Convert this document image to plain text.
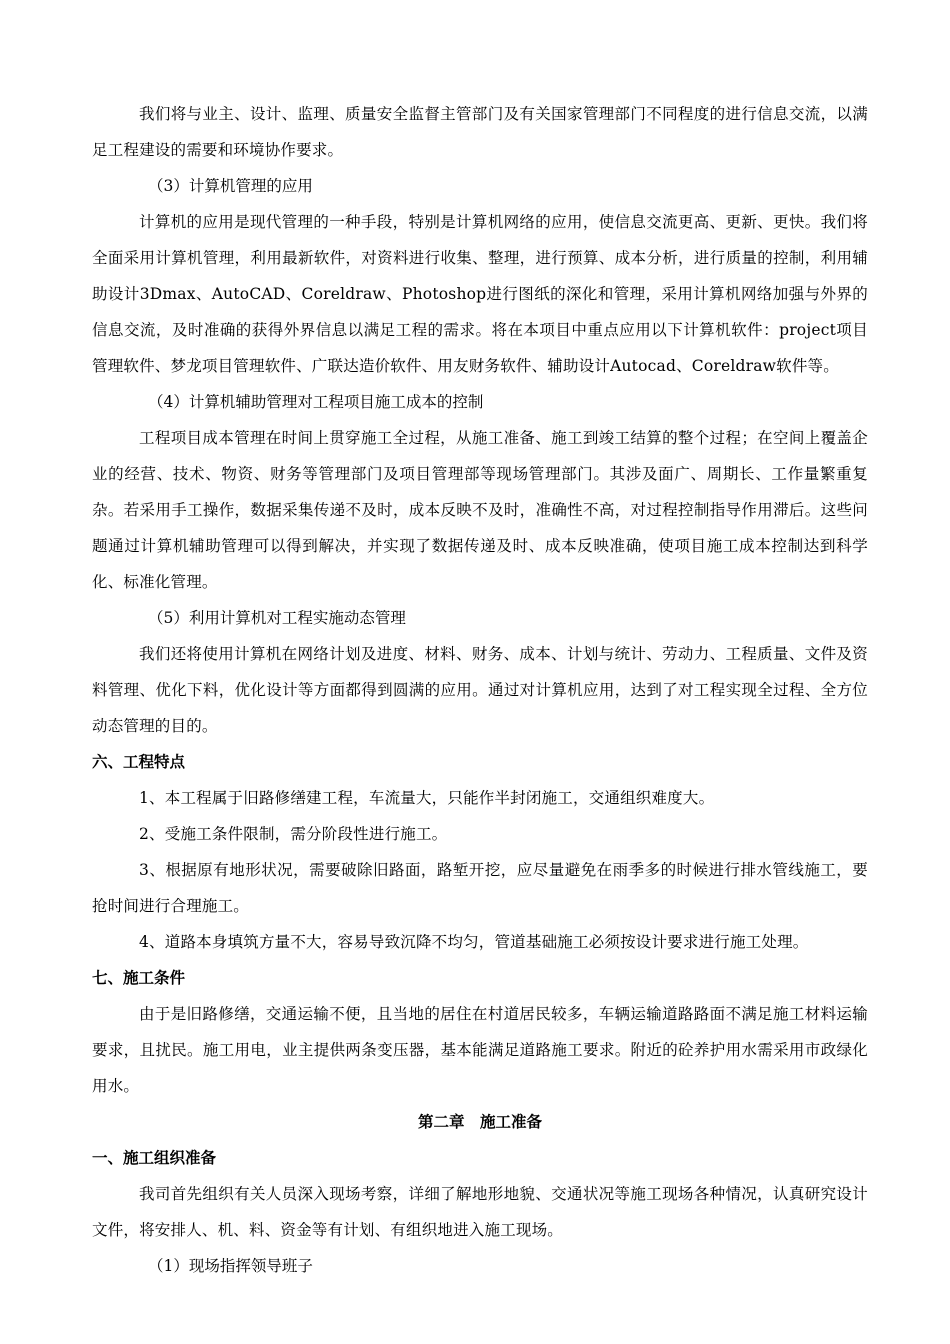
我们将与业主、设计、监理、质量安全监督主管部门及有关国家管理部门不同程度的进行信息交流，以满足工程建设的需要和环境协作要求。

（3）计算机管理的应用

计算机的应用是现代管理的一种手段，特别是计算机网络的应用，使信息交流更高、更新、更快。我们将全面采用计算机管理，利用最新软件，对资料进行收集、整理，进行预算、成本分析，进行质量的控制，利用辅助设计3Dmax、AutoCAD、Coreldraw、Photoshop进行图纸的深化和管理，采用计算机网络加强与外界的信息交流，及时准确的获得外界信息以满足工程的需求。将在本项目中重点应用以下计算机软件：project项目管理软件、梦龙项目管理软件、广联达造价软件、用友财务软件、辅助设计Autocad、Coreldraw软件等。

（4）计算机辅助管理对工程项目施工成本的控制

工程项目成本管理在时间上贯穿施工全过程，从施工准备、施工到竣工结算的整个过程；在空间上覆盖企业的经营、技术、物资、财务等管理部门及项目管理部等现场管理部门。其涉及面广、周期长、工作量繁重复杂。若采用手工操作，数据采集传递不及时，成本反映不及时，准确性不高，对过程控制指导作用滞后。这些问题通过计算机辅助管理可以得到解决，并实现了数据传递及时、成本反映准确，使项目施工成本控制达到科学化、标准化管理。

（5）利用计算机对工程实施动态管理

我们还将使用计算机在网络计划及进度、材料、财务、成本、计划与统计、劳动力、工程质量、文件及资料管理、优化下料，优化设计等方面都得到圆满的应用。通过对计算机应用，达到了对工程实现全过程、全方位动态管理的目的。

六、工程特点

1、本工程属于旧路修缮建工程，车流量大，只能作半封闭施工，交通组织难度大。

2、受施工条件限制，需分阶段性进行施工。

3、根据原有地形状况，需要破除旧路面，路堑开挖，应尽量避免在雨季多的时候进行排水管线施工，要抢时间进行合理施工。

4、道路本身填筑方量不大，容易导致沉降不均匀，管道基础施工必须按设计要求进行施工处理。

七、施工条件

由于是旧路修缮，交通运输不便，且当地的居住在村道居民较多，车辆运输道路路面不满足施工材料运输要求，且扰民。施工用电，业主提供两条变压器，基本能满足道路施工要求。附近的砼养护用水需采用市政绿化用水。

第二章　施工准备

一、施工组织准备

我司首先组织有关人员深入现场考察，详细了解地形地貌、交通状况等施工现场各种情况，认真研究设计文件，将安排人、机、料、资金等有计划、有组织地进入施工现场。

（1）现场指挥领导班子
